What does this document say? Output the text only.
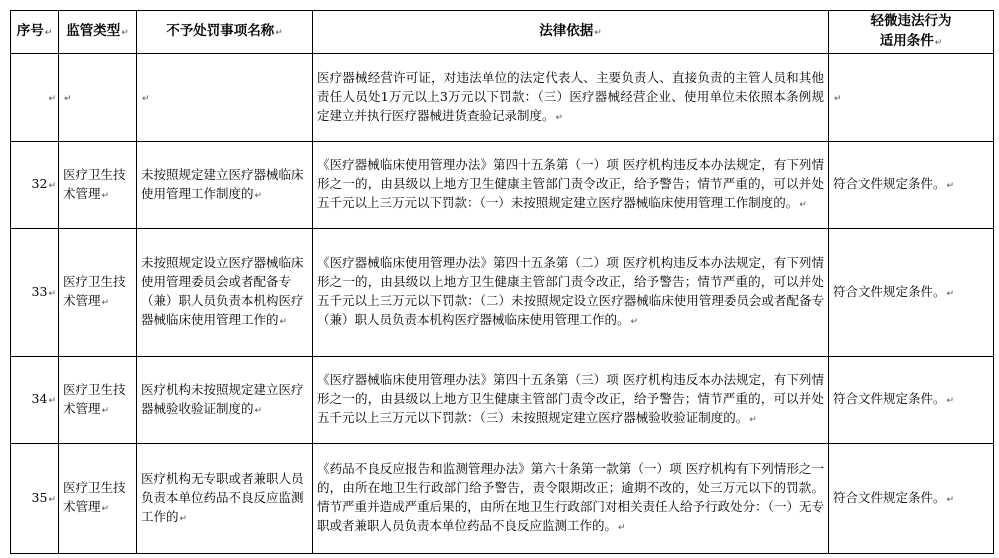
序号↵	监管类型↵	不予处罚事项名称↵	法律依据↵	轻微违法行为
适用条件↵
↵	↵	↵	医疗器械经营许可证，对违法单位的法定代表人、主要负责人、直接负责的主管人员和其他责任人员处1万元以上3万元以下罚款：（三）医疗器械经营企业、使用单位未依照本条例规定建立并执行医疗器械进货查验记录制度。↵	↵
32↵	医疗卫生技术管理↵	未按照规定建立医疗器械临床使用管理工作制度的↵	《医疗器械临床使用管理办法》第四十五条第（一）项 医疗机构违反本办法规定，有下列情形之一的，由县级以上地方卫生健康主管部门责令改正，给予警告；情节严重的，可以并处五千元以上三万元以下罚款：（一）未按照规定建立医疗器械临床使用管理工作制度的。↵	符合文件规定条件。↵
33↵	医疗卫生技术管理↵	未按照规定设立医疗器械临床使用管理委员会或者配备专（兼）职人员负责本机构医疗器械临床使用管理工作的↵	《医疗器械临床使用管理办法》第四十五条第（二）项 医疗机构违反本办法规定，有下列情形之一的，由县级以上地方卫生健康主管部门责令改正，给予警告；情节严重的，可以并处五千元以上三万元以下罚款：（二）未按照规定设立医疗器械临床使用管理委员会或者配备专（兼）职人员负责本机构医疗器械临床使用管理工作的。↵	符合文件规定条件。↵
34↵	医疗卫生技术管理↵	医疗机构未按照规定建立医疗器械验收验证制度的↵	《医疗器械临床使用管理办法》第四十五条第（三）项 医疗机构违反本办法规定，有下列情形之一的，由县级以上地方卫生健康主管部门责令改正，给予警告；情节严重的，可以并处五千元以上三万元以下罚款：（三）未按照规定建立医疗器械验收验证制度的。↵	符合文件规定条件。↵
35↵	医疗卫生技术管理↵	医疗机构无专职或者兼职人员负责本单位药品不良反应监测工作的↵	《药品不良反应报告和监测管理办法》第六十条第一款第（一）项 医疗机构有下列情形之一的，由所在地卫生行政部门给予警告，责令限期改正；逾期不改的，处三万元以下的罚款。情节严重并造成严重后果的，由所在地卫生行政部门对相关责任人给予行政处分：（一）无专职或者兼职人员负责本单位药品不良反应监测工作的。↵	符合文件规定条件。↵
